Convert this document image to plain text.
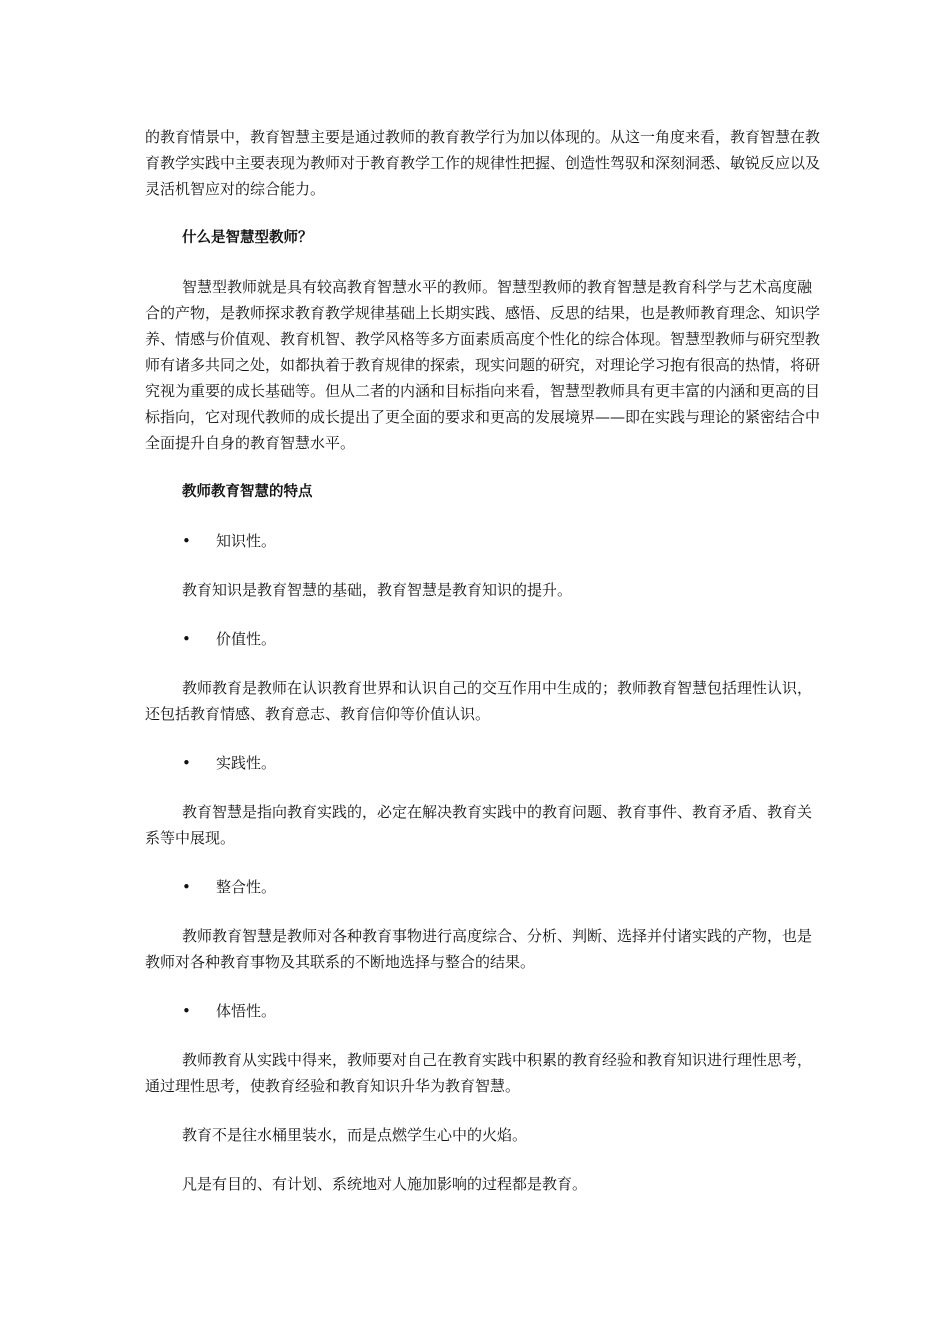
的教育情景中，教育智慧主要是通过教师的教育教学行为加以体现的。从这一角度来看，教育智慧在教育教学实践中主要表现为教师对于教育教学工作的规律性把握、创造性驾驭和深刻洞悉、敏锐反应以及灵活机智应对的综合能力。

什么是智慧型教师？

智慧型教师就是具有较高教育智慧水平的教师。智慧型教师的教育智慧是教育科学与艺术高度融合的产物，是教师探求教育教学规律基础上长期实践、感悟、反思的结果，也是教师教育理念、知识学养、情感与价值观、教育机智、教学风格等多方面素质高度个性化的综合体现。智慧型教师与研究型教师有诸多共同之处，如都执着于教育规律的探索，现实问题的研究，对理论学习抱有很高的热情，将研究视为重要的成长基础等。但从二者的内涵和目标指向来看，智慧型教师具有更丰富的内涵和更高的目标指向，它对现代教师的成长提出了更全面的要求和更高的发展境界——即在实践与理论的紧密结合中全面提升自身的教育智慧水平。

教师教育智慧的特点

•	知识性。

教育知识是教育智慧的基础，教育智慧是教育知识的提升。

•	价值性。

教师教育是教师在认识教育世界和认识自己的交互作用中生成的；教师教育智慧包括理性认识，还包括教育情感、教育意志、教育信仰等价值认识。

•	实践性。

教育智慧是指向教育实践的，必定在解决教育实践中的教育问题、教育事件、教育矛盾、教育关系等中展现。

•	整合性。

教师教育智慧是教师对各种教育事物进行高度综合、分析、判断、选择并付诸实践的产物，也是教师对各种教育事物及其联系的不断地选择与整合的结果。

•	体悟性。

教师教育从实践中得来，教师要对自己在教育实践中积累的教育经验和教育知识进行理性思考，通过理性思考，使教育经验和教育知识升华为教育智慧。

教育不是往水桶里装水，而是点燃学生心中的火焰。

凡是有目的、有计划、系统地对人施加影响的过程都是教育。
